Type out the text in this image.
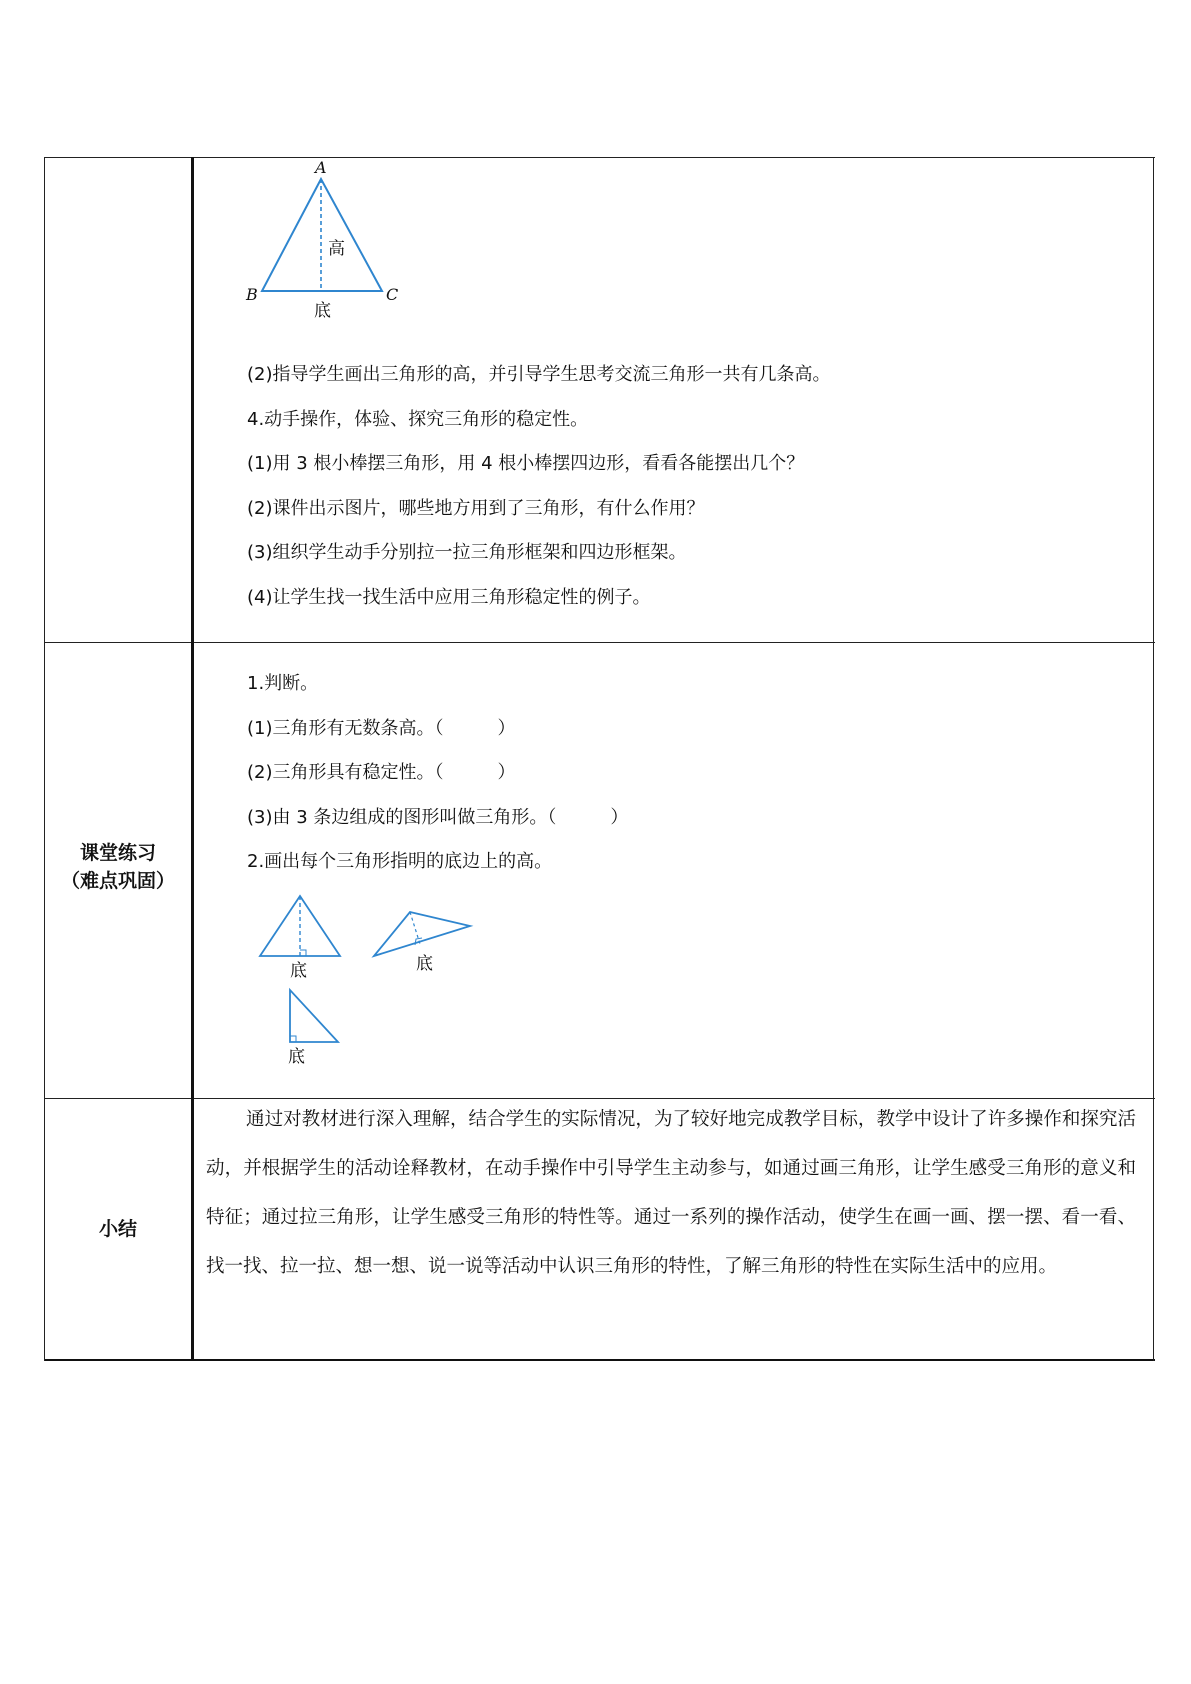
课堂练习
（难点巩固）
小结
A
B	C
高
底
(2)指导学生画出三角形的高，并引导学生思考交流三角形一共有几条高。
4.动手操作，体验、探究三角形的稳定性。
(1)用 3 根小棒摆三角形，用 4 根小棒摆四边形，看看各能摆出几个？
(2)课件出示图片，哪些地方用到了三角形，有什么作用？
(3)组织学生动手分别拉一拉三角形框架和四边形框架。
(4)让学生找一找生活中应用三角形稳定性的例子。
1.判断。
(1)三角形有无数条高。（　　　）
(2)三角形具有稳定性。（　　　）
(3)由 3 条边组成的图形叫做三角形。（　　　）
2.画出每个三角形指明的底边上的高。
底	底
底
通过对教材进行深入理解，结合学生的实际情况，为了较好地完成教学目标，教学中设计了许多操作和探究活动，并根据学生的活动诠释教材，在动手操作中引导学生主动参与，如通过画三角形，让学生感受三角形的意义和特征；通过拉三角形，让学生感受三角形的特性等。通过一系列的操作活动，使学生在画一画、摆一摆、看一看、找一找、拉一拉、想一想、说一说等活动中认识三角形的特性，了解三角形的特性在实际生活中的应用。
